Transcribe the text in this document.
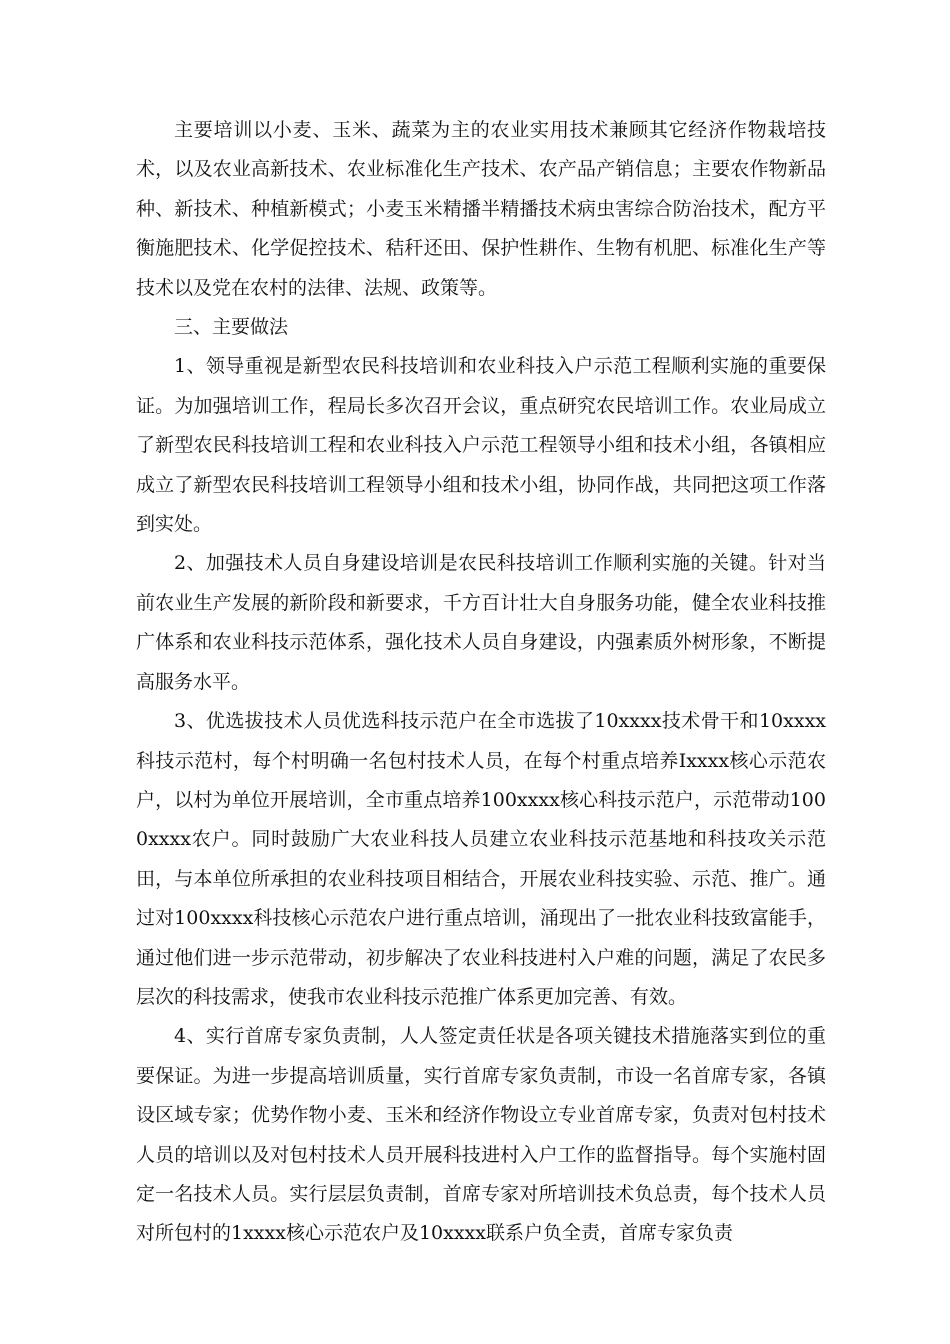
主要培训以小麦、玉米、蔬菜为主的农业实用技术兼顾其它经济作物栽培技术，以及农业高新技术、农业标准化生产技术、农产品产销信息；主要农作物新品种、新技术、种植新模式；小麦玉米精播半精播技术病虫害综合防治技术，配方平衡施肥技术、化学促控技术、秸秆还田、保护性耕作、生物有机肥、标准化生产等技术以及党在农村的法律、法规、政策等。

三、主要做法

1、领导重视是新型农民科技培训和农业科技入户示范工程顺利实施的重要保证。为加强培训工作，程局长多次召开会议，重点研究农民培训工作。农业局成立了新型农民科技培训工程和农业科技入户示范工程领导小组和技术小组，各镇相应成立了新型农民科技培训工程领导小组和技术小组，协同作战，共同把这项工作落到实处。

2、加强技术人员自身建设培训是农民科技培训工作顺利实施的关键。针对当前农业生产发展的新阶段和新要求，千方百计壮大自身服务功能，健全农业科技推广体系和农业科技示范体系，强化技术人员自身建设，内强素质外树形象，不断提高服务水平。

3、优选拔技术人员优选科技示范户在全市选拔了10xxxx技术骨干和10xxxx科技示范村，每个村明确一名包村技术人员，在每个村重点培养Ixxxx核心示范农户，以村为单位开展培训，全市重点培养100xxxx核心科技示范户，示范带动1000xxxx农户。同时鼓励广大农业科技人员建立农业科技示范基地和科技攻关示范田，与本单位所承担的农业科技项目相结合，开展农业科技实验、示范、推广。通过对100xxxx科技核心示范农户进行重点培训，涌现出了一批农业科技致富能手，通过他们进一步示范带动，初步解决了农业科技进村入户难的问题，满足了农民多层次的科技需求，使我市农业科技示范推广体系更加完善、有效。

4、实行首席专家负责制，人人签定责任状是各项关键技术措施落实到位的重要保证。为进一步提高培训质量，实行首席专家负责制，市设一名首席专家，各镇设区域专家；优势作物小麦、玉米和经济作物设立专业首席专家，负责对包村技术人员的培训以及对包村技术人员开展科技进村入户工作的监督指导。每个实施村固定一名技术人员。实行层层负责制，首席专家对所培训技术负总责，每个技术人员对所包村的1xxxx核心示范农户及10xxxx联系户负全责，首席专家负责
